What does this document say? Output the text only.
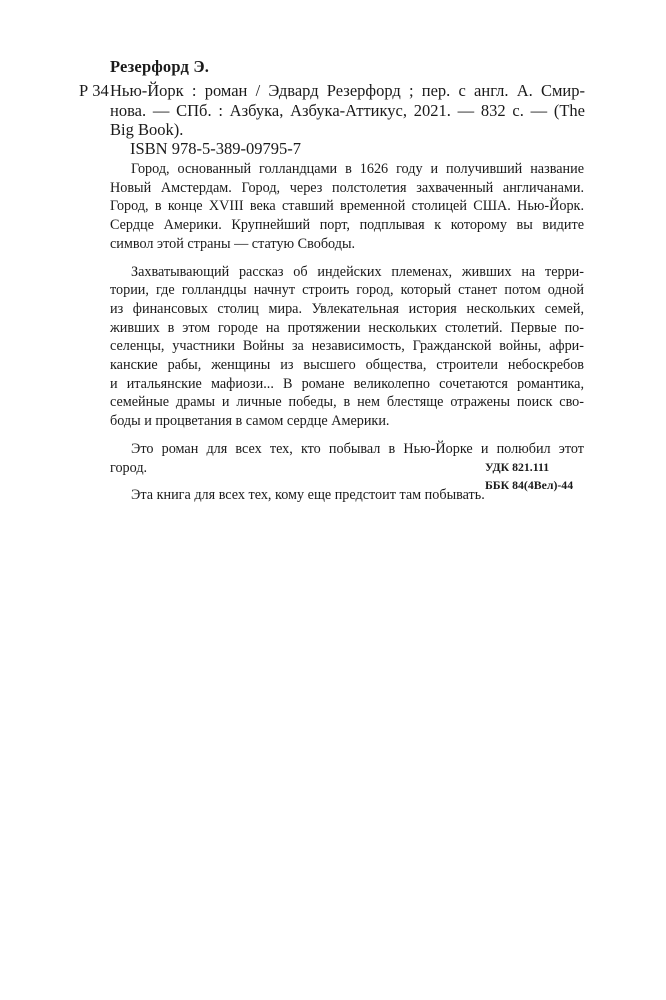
Резерфорд Э.
Р 34 Нью-Йорк : роман / Эдвард Резерфорд ; пер. с англ. А. Смир-
нова. — СПб. : Азбука, Азбука-Аттикус, 2021. — 832 с. — (The
Big Book).
ISBN 978-5-389-09795-7

Город, основанный голландцами в 1626 году и получивший название
Новый Амстердам. Город, через полстолетия захваченный англичанами.
Город, в конце XVIII века ставший временной столицей США. Нью-Йорк.
Сердце Америки. Крупнейший порт, подплывая к которому вы видите
символ этой страны — статую Свободы.

Захватывающий рассказ об индейских племенах, живших на терри-
тории, где голландцы начнут строить город, который станет потом одной
из финансовых столиц мира. Увлекательная история нескольких семей,
живших в этом городе на протяжении нескольких столетий. Первые по-
селенцы, участники Войны за независимость, Гражданской войны, афри-
канские рабы, женщины из высшего общества, строители небоскребов
и итальянские мафиози... В романе великолепно сочетаются романтика,
семейные драмы и личные победы, в нем блестяще отражены поиск сво-
боды и процветания в самом сердце Америки.

Это роман для всех тех, кто побывал в Нью-Йорке и полюбил этот
город.

Эта книга для всех тех, кому еще предстоит там побывать.

УДК 821.111
ББК 84(4Вел)-44
